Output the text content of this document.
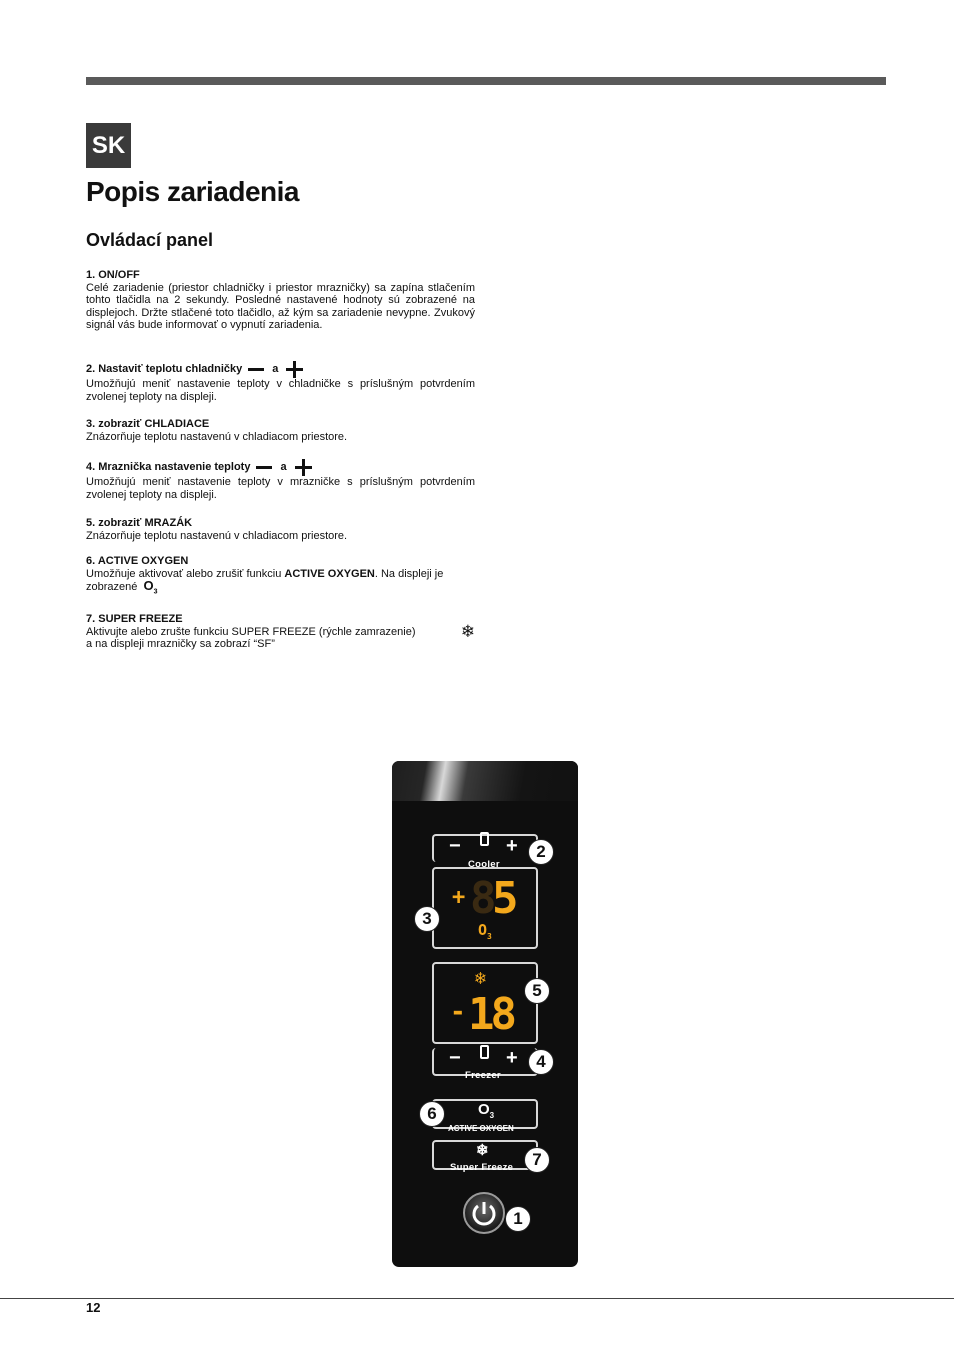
SK
Popis zariadenia
Ovládací panel
1. ON/OFF
Celé zariadenie (priestor chladničky i priestor mrazničky) sa zapína stlačením tohto tlačidla na 2 sekundy. Posledné nastavené hodnoty sú zobrazené na displejoch. Držte stlačené toto tlačidlo, až kým sa zariadenie nevypne. Zvukový signál vás bude informovať o vypnutí zariadenia.
2. Nastaviť teplotu chladničky	a
Umožňujú meniť nastavenie teploty v chladničke s príslušným potvrdením zvolenej teploty na displeji.
3. zobraziť CHLADIACE
Znázorňuje teplotu nastavenú v chladiacom priestore.
4. Mraznička nastavenie teploty	a
Umožňujú meniť nastavenie teploty v mrazničke s príslušným potvrdením zvolenej teploty na displeji.
5. zobraziť MRAZÁK
Znázorňuje teplotu nastavenú v chladiacom priestore.
6. ACTIVE OXYGEN
Umožňuje aktivovať alebo zrušiť funkciu ACTIVE OXYGEN. Na displeji je zobrazené $O_3$
7. SUPER FREEZE
Aktivujte alebo zrušte funkciu SUPER FREEZE (rýchle zamrazenie)
a na displeji mrazničky sa zobrazí “SF”
❄
− +
Cooler
+ 8
5
$O_3$
❄
- 18
− +
Freezer
$O_3$
ACTIVE OXYGEN
❄
Super Freeze
2
3
5
4
6
7
1
12
